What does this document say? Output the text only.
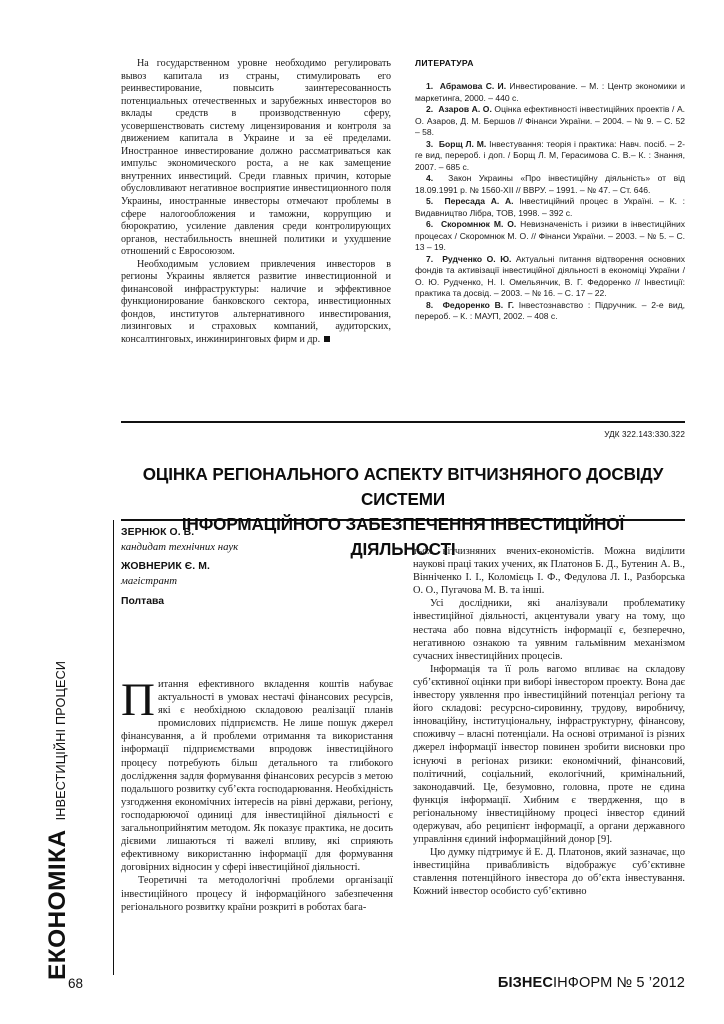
На государственном уровне необходимо регулировать вывоз капитала из страны, стимулировать его реинвестирование, повысить заинтересованность потенциальных отечественных и зарубежных инвесторов во вклады средств в производственную сферу, усовершенствовать систему лицензирования и контроля за движением капитала в Украине и за её пределами. Иностранное инвестирование должно рассматриваться как импульс экономического роста, а не как замещение внутренних инвестиций. Среди главных причин, которые обусловливают негативное восприятие инвестиционного поля Украины, иностранные инвесторы отмечают проблемы в сфере налогообложения и таможни, коррупцию и бюрократию, усиление давления среди контролирующих органов, нестабильность внешней политики и ухудшение отношений с Евросоюзом.

Необходимым условием привлечения инвесторов в регионы Украины является развитие инвестиционной и финансовой инфраструктуры: наличие и эффективное функционирование банковского сектора, инвестиционных фондов, институтов альтернативного инвестирования, лизинговых и страховых компаний, аудиторских, консалтинговых, инжиниринговых фирм и др.

ЛИТЕРАТУРА

1. Абрамова С. И. Инвестирование. – М. : Центр экономики и маркетинга, 2000. – 440 с.

2. Азаров А. О. Оцінка ефективності інвестиційних проектів / А. О. Азаров, Д. М. Бершов // Фінанси України. – 2004. – № 9. – С. 52 – 58.

3. Борщ Л. М. Інвестування: теорія і практика: Навч. посіб. – 2-ге вид, перероб. і доп. / Борщ Л. М, Герасимова С. В.– К. : Знання, 2007. – 685 с.

4. Закон Украины «Про інвестиційну діяльність» от від 18.09.1991 р. № 1560-ХІІ // ВВРУ. – 1991. – № 47. – Ст. 646.

5. Пересада А. А. Інвестиційний процес в Україні. – К. : Видавництво Лібра, ТОВ, 1998. – 392 с.

6. Скоромнюк М. О. Невизначеність і ризики в інвестиційних процесах / Скоромнюк М. О. // Фінанси України. – 2003. – № 5. – С. 13 – 19.

7. Рудченко О. Ю. Актуальні питання відтворення основних фондів та активізації інвестиційної діяльності в економіці України / О. Ю. Рудченко, Н. І. Омельянчик, В. Г. Федоренко // Інвестиції: практика та досвід. – 2003. – № 16. – С. 17 – 22.

8. Федоренко В. Г. Інвестознавство : Підручник. – 2-е вид, перероб. – К. : МАУП, 2002. – 408 с.

УДК 322.143:330.322
ОЦІНКА РЕГІОНАЛЬНОГО АСПЕКТУ ВІТЧИЗНЯНОГО ДОСВІДУ СИСТЕМИ
ІНФОРМАЦІЙНОГО ЗАБЕЗПЕЧЕННЯ ІНВЕСТИЦІЙНОЇ ДІЯЛЬНОСТІ
ЕКОНОМІКА
ІНВЕСТИЦІЙНІ ПРОЦЕСИ
ЗЕРНЮК О. В.
кандидат технічних наук
ЖОВНЕРИК Є. М.
магістрант
Полтава

Питання ефективного вкладення коштів набуває актуальності в умовах нестачі фінансових ресурсів, які є необхідною складовою реалізації планів промислових підприємств. Не лише пошук джерел фінансування, а й проблеми отримання та використання інформації підприємствами впродовж інвестиційного процесу потребують більш детального та глибокого дослідження задля формування фінансових ресурсів з метою подальшого розвитку суб’єкта господарювання. Необхідність узгодження економічних інтересів на рівні держави, регіону, господарюючої одиниці для інвестиційної діяльності є загальноприйнятим методом. Як показує практика, не досить дієвими лишаються ті важелі впливу, які сприяють ефективному використанню інформації для формування договірних відносин у сфері інвестиційної діяльності.

Теоретичні та методологічні проблеми організації інвестиційного процесу й інформаційного забезпечення регіонального розвитку країни розкриті в роботах бага-

тьох вітчизняних вчених-економістів. Можна виділити наукові праці таких учених, як Платонов Б. Д., Бутенин А. В., Вінніченко І. І., Коломієць І. Ф., Федулова Л. І., Разборська О. О., Пугачова М. В. та інші.

Усі дослідники, які аналізували проблематику інвестиційної діяльності, акцентували увагу на тому, що нестача або повна відсутність інформації є, безперечно, негативною ознакою та уявним гальмівним механізмом сучасних інвестиційних процесів.

Інформація та її роль вагомо впливає на складову суб’єктивної оцінки при виборі інвестором проекту. Вона дає інвестору уявлення про інвестиційний потенціал регіону та його складові: ресурсно-сировинну, трудову, виробничу, інноваційну, інституціональну, інфраструктурну, фінансову, споживчу – власні потенціали. На основі отриманої із різних джерел інформації інвестор повинен зробити висновки про існуючі в регіонах ризики: економічний, фінансовий, політичний, соціальний, екологічний, кримінальний, законодавчий. Це, безумовно, головна, проте не єдина функція інформації. Хибним є твердження, що в регіональному інвестиційному процесі інвестор єдиний одержувач, або реципієнт інформації, а органи державного управління єдиний інформаційний донор [9].

Цю думку підтримує й Е. Д. Платонов, який зазначає, що інвестиційна привабливість відображує суб’єктивне ставлення потенційного інвестора до об’єкта інвестування. Кожний інвестор особисто суб’єктивно

68	БІЗНЕСІНФОРМ № 5 ’2012
